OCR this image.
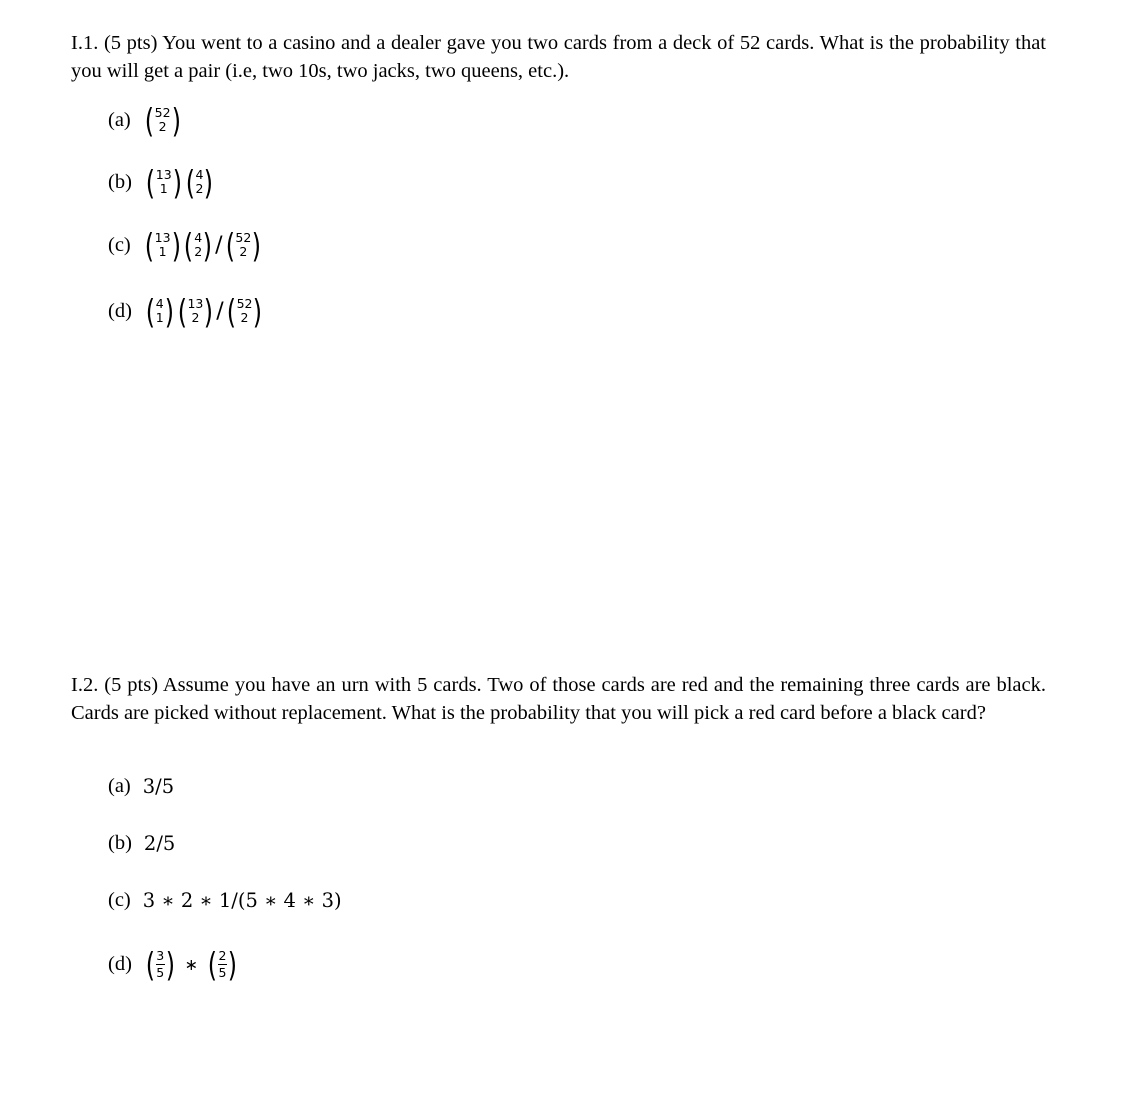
I.1. (5 pts) You went to a casino and a dealer gave you two cards from a deck of 52 cards. What is the probability that you will get a pair (i.e, two 10s, two jacks, two queens, etc.).
(a) ( 52
2 )
(b) ( 13
1 ) ( 4
2 )
(c) ( 13
1 ) ( 4
2 ) / ( 52
2 )
(d) ( 4
1 ) ( 13
2 ) / ( 52
2 )
I.2. (5 pts) Assume you have an urn with 5 cards. Two of those cards are red and the remaining three cards are black. Cards are picked without replacement. What is the probability that you will pick a red card before a black card?
(a) 3/5
(b) 2/5
(c) 3 ∗ 2 ∗ 1/(5 ∗ 4 ∗ 3)
(d) ( 3
5 ) ∗ ( 2
5 )
